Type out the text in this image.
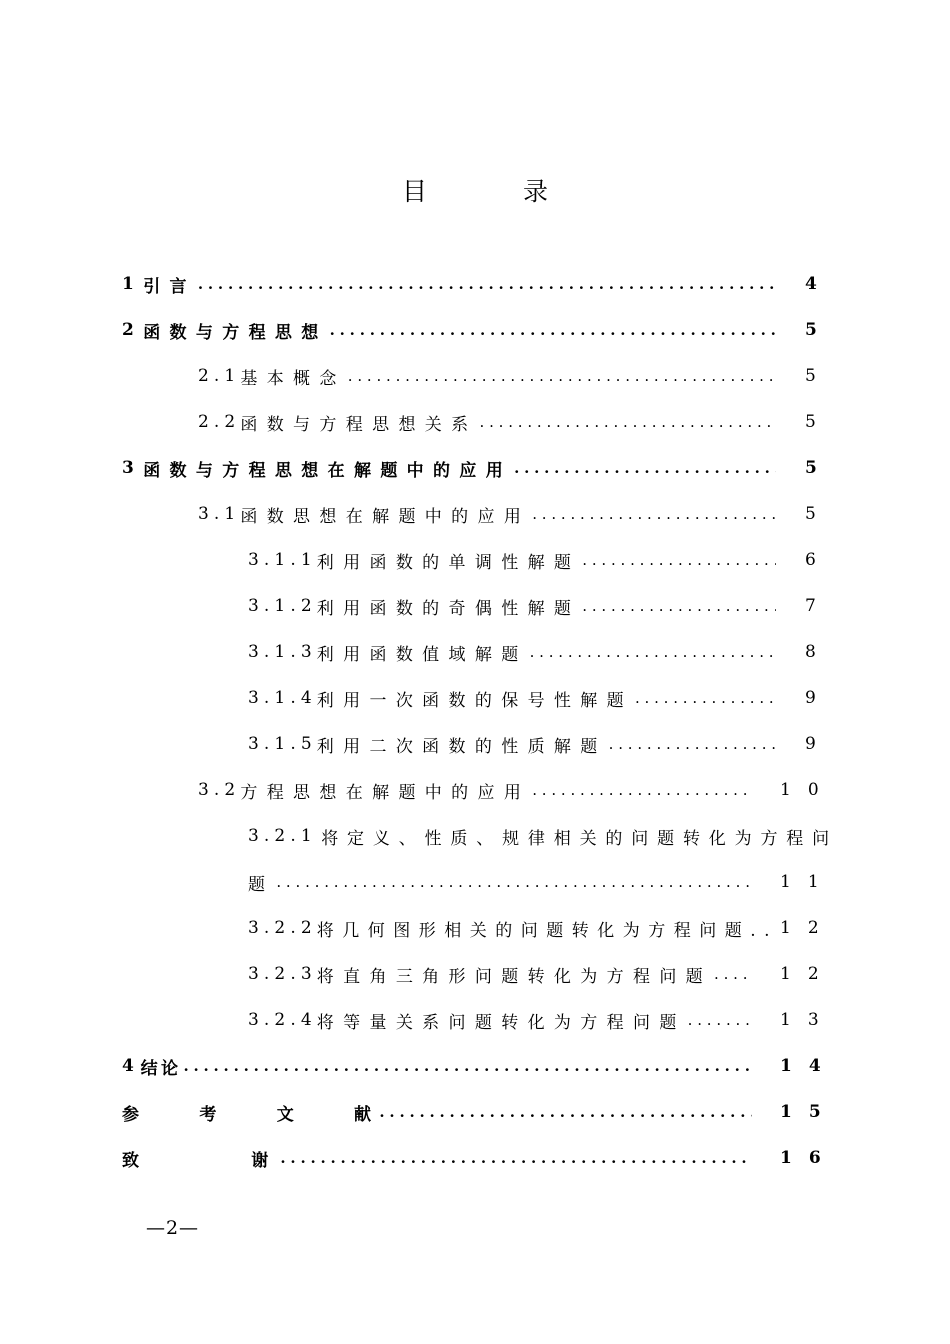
目	录
1 引言 .....	4
2 函数与方程思想 .....	5
2.1 基本概念 .....	5
2.2 函数与方程思想关系 .....	5
3 函数与方程思想在解题中的应用 .....	5
3.1 函数思想在解题中的应用 .....	5
3.1.1 利用函数的单调性解题 .....	6
3.1.2 利用函数的奇偶性解题 .....	7
3.1.3 利用函数值域解题 .....	8
3.1.4 利用一次函数的保号性解题 .....	9
3.1.5 利用二次函数的性质解题 .....	9
3.2 方程思想在解题中的应用 .....	10
3.2.1 将定义、性质、规律相关的问题转化为方程问
题 .....	11
3.2.2 将几何图形相关的问题转化为方程问题.. 12
3.2.3 将直角三角形问题转化为方程问题 .....	12
3.2.4 将等量关系问题转化为方程问题 .....	13
4 结论 .....	14
参考文献 .....	15
致谢 .....	16
—2—
